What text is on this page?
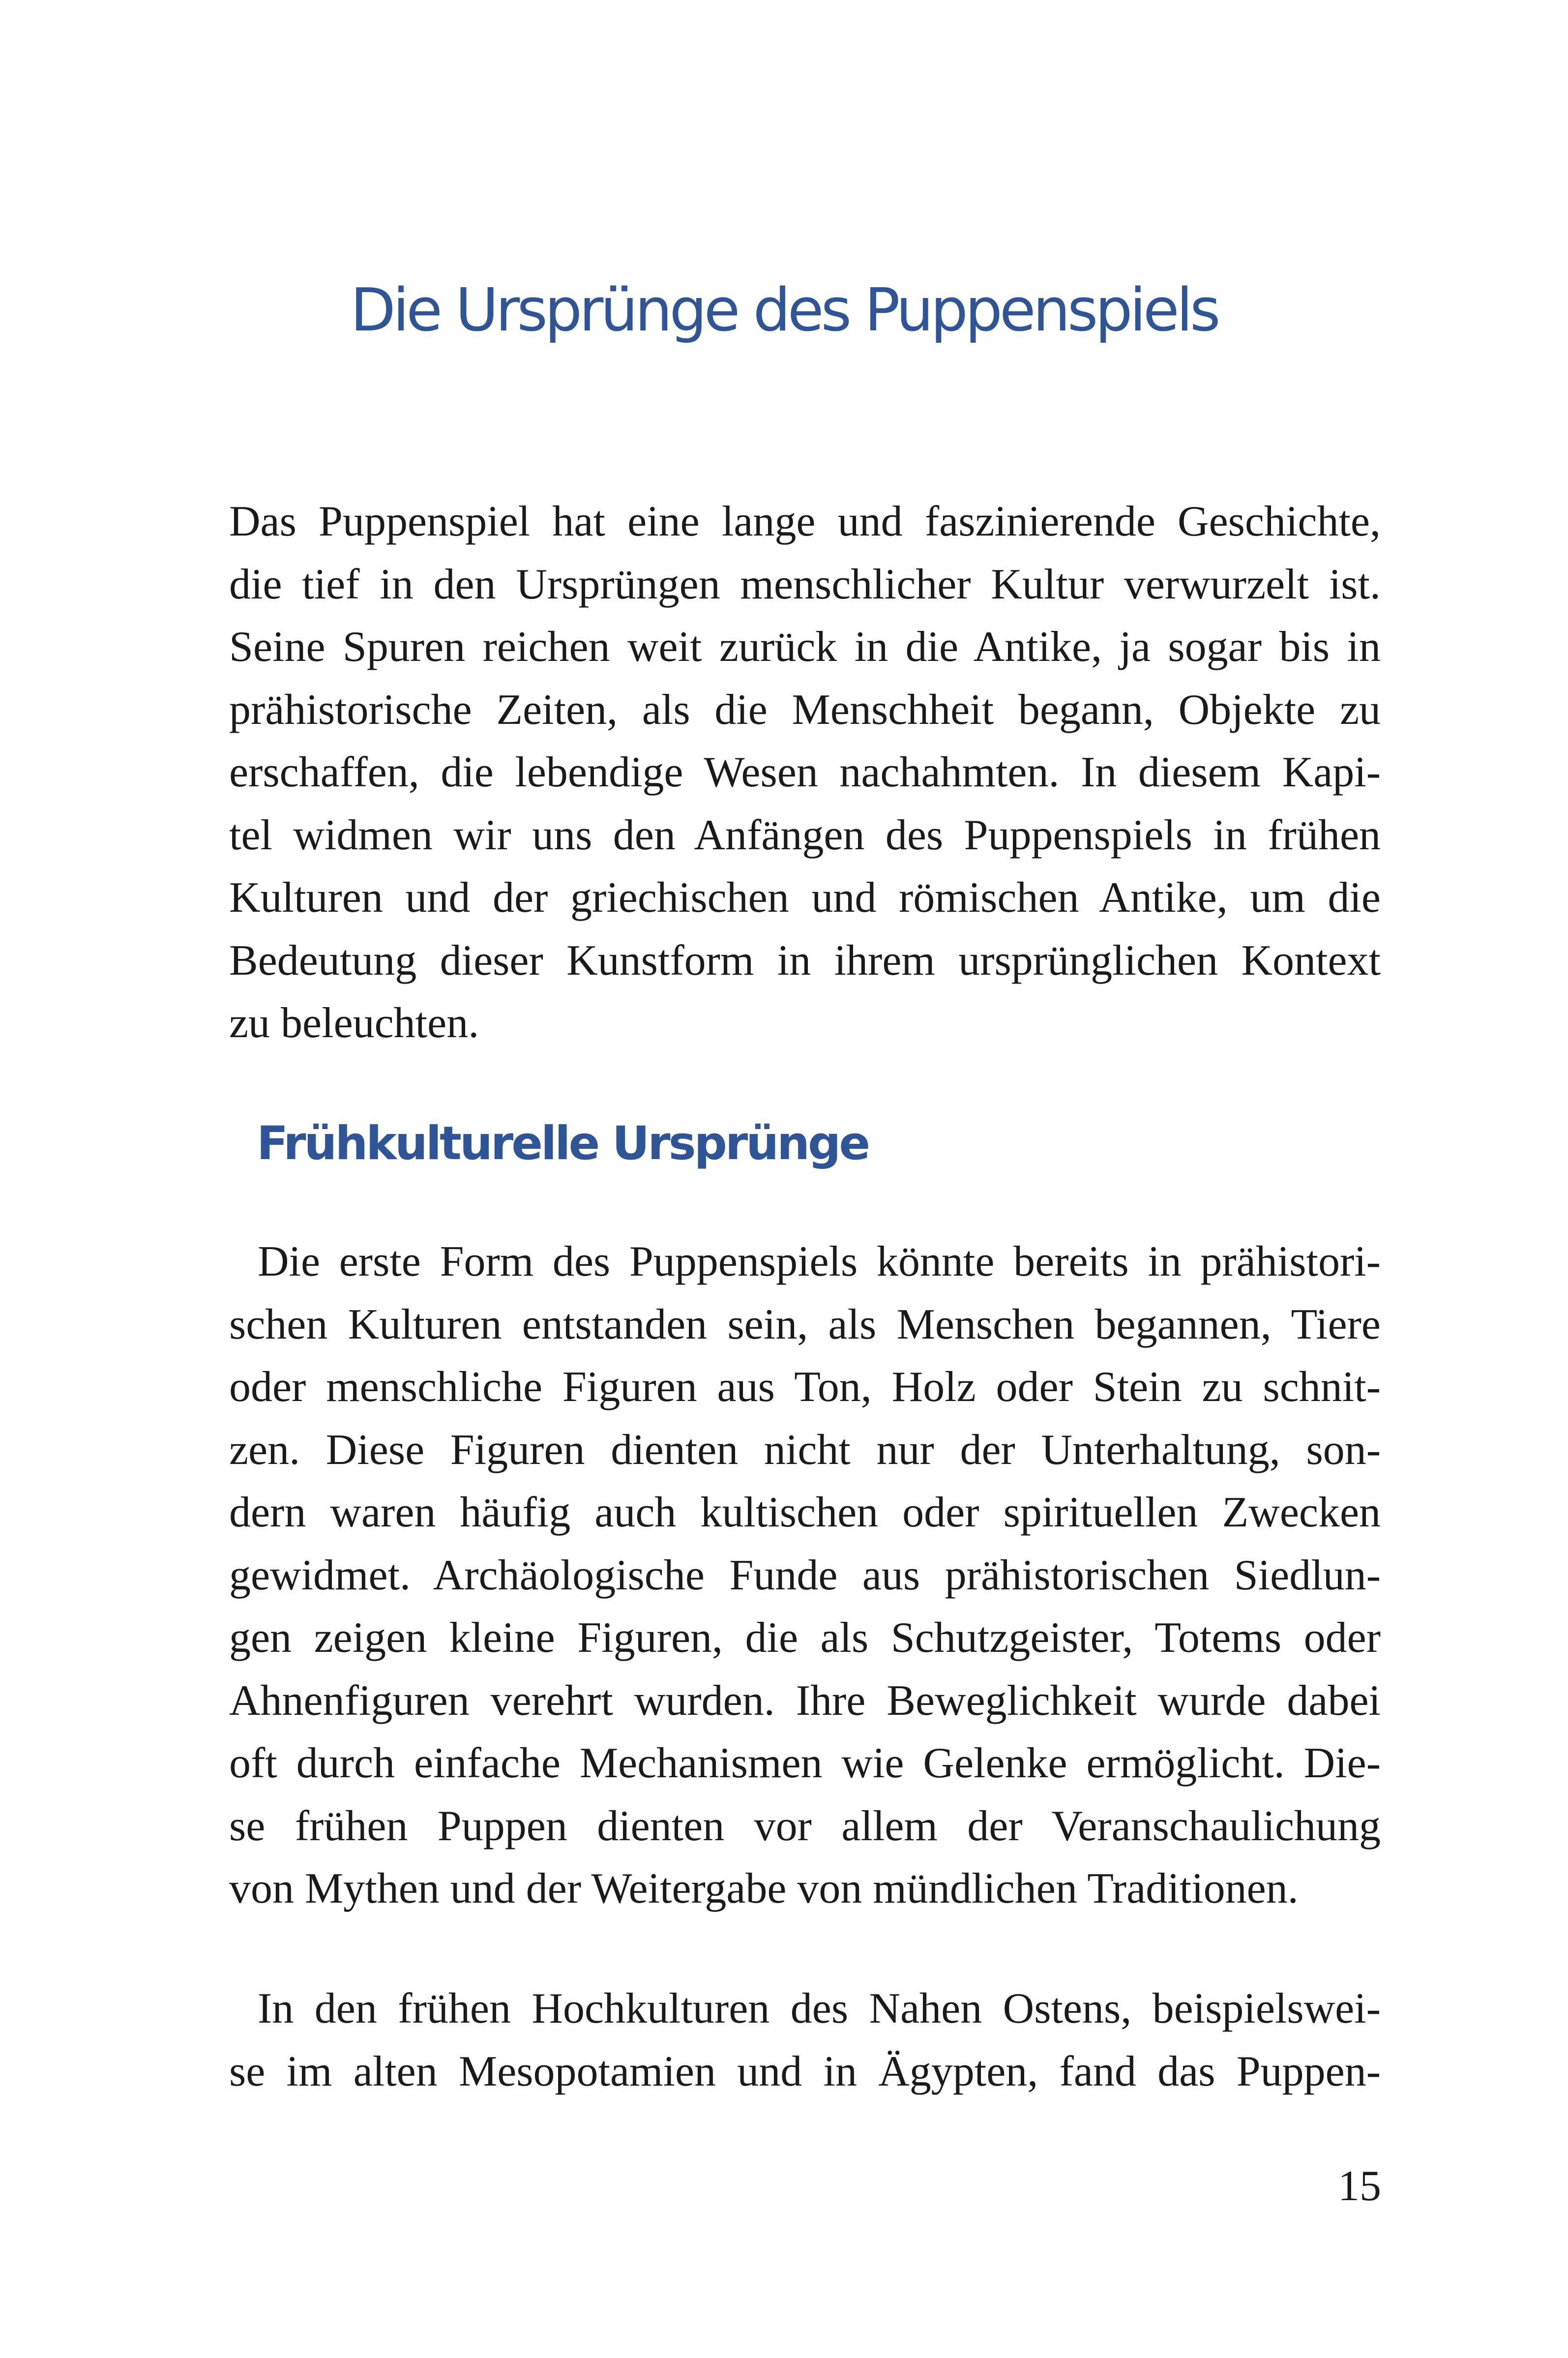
Die Ursprünge des Puppenspiels

Das Puppenspiel hat eine lange und faszinierende Geschichte,
die tief in den Ursprüngen menschlicher Kultur verwurzelt ist.
Seine Spuren reichen weit zurück in die Antike, ja sogar bis in
prähistorische Zeiten, als die Menschheit begann, Objekte zu
erschaffen, die lebendige Wesen nachahmten. In diesem Kapi-
tel widmen wir uns den Anfängen des Puppenspiels in frühen
Kulturen und der griechischen und römischen Antike, um die
Bedeutung dieser Kunstform in ihrem ursprünglichen Kontext
zu beleuchten.

Frühkulturelle Ursprünge

Die erste Form des Puppenspiels könnte bereits in prähistori-
schen Kulturen entstanden sein, als Menschen begannen, Tiere
oder menschliche Figuren aus Ton, Holz oder Stein zu schnit-
zen. Diese Figuren dienten nicht nur der Unterhaltung, son-
dern waren häufig auch kultischen oder spirituellen Zwecken
gewidmet. Archäologische Funde aus prähistorischen Siedlun-
gen zeigen kleine Figuren, die als Schutzgeister, Totems oder
Ahnenfiguren verehrt wurden. Ihre Beweglichkeit wurde dabei
oft durch einfache Mechanismen wie Gelenke ermöglicht. Die-
se frühen Puppen dienten vor allem der Veranschaulichung
von Mythen und der Weitergabe von mündlichen Traditionen.

In den frühen Hochkulturen des Nahen Ostens, beispielswei-
se im alten Mesopotamien und in Ägypten, fand das Puppen-

15
